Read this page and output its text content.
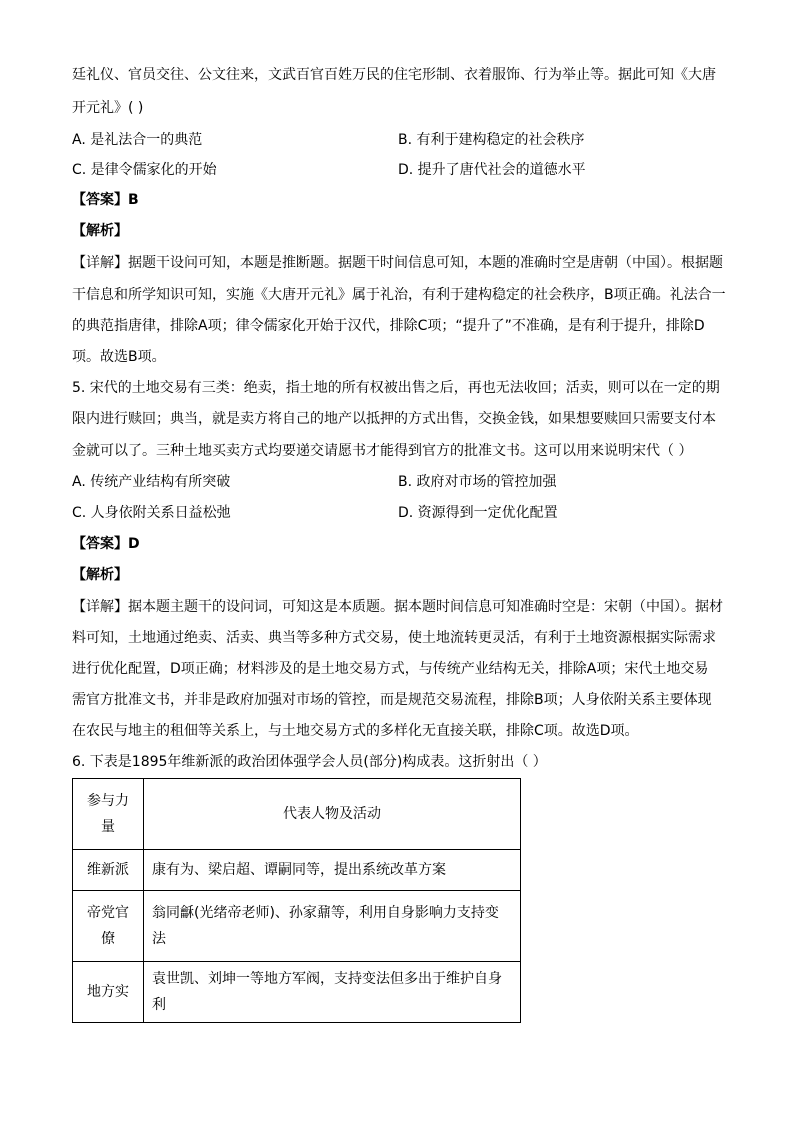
廷礼仪、官员交往、公文往来，文武百官百姓万民的住宅形制、衣着服饰、行为举止等。据此可知《大唐
开元礼》( )
A. 是礼法合一的典范	B. 有利于建构稳定的社会秩序
C. 是律令儒家化的开始	D. 提升了唐代社会的道德水平
【答案】B
【解析】
【详解】据题干设问可知，本题是推断题。据题干时间信息可知，本题的准确时空是唐朝（中国）。根据题
干信息和所学知识可知，实施《大唐开元礼》属于礼治，有利于建构稳定的社会秩序，B项正确。礼法合一
的典范指唐律，排除A项；律令儒家化开始于汉代，排除C项；“提升了”不准确，是有利于提升，排除D
项。故选B项。
5. 宋代的土地交易有三类：绝卖，指土地的所有权被出售之后，再也无法收回；活卖，则可以在一定的期
限内进行赎回；典当，就是卖方将自己的地产以抵押的方式出售，交换金钱，如果想要赎回只需要支付本
金就可以了。三种土地买卖方式均要递交请愿书才能得到官方的批准文书。这可以用来说明宋代（ ）
A. 传统产业结构有所突破	B. 政府对市场的管控加强
C. 人身依附关系日益松弛	D. 资源得到一定优化配置
【答案】D
【解析】
【详解】据本题主题干的设问词，可知这是本质题。据本题时间信息可知准确时空是：宋朝（中国）。据材
料可知，土地通过绝卖、活卖、典当等多种方式交易，使土地流转更灵活，有利于土地资源根据实际需求
进行优化配置，D项正确；材料涉及的是土地交易方式，与传统产业结构无关，排除A项；宋代土地交易
需官方批准文书，并非是政府加强对市场的管控，而是规范交易流程，排除B项；人身依附关系主要体现
在农民与地主的租佃等关系上，与土地交易方式的多样化无直接关联，排除C项。故选D项。
6. 下表是1895年维新派的政治团体强学会人员(部分)构成表。这折射出（ ）
参与力量	代表人物及活动
维新派	康有为、梁启超、谭嗣同等，提出系统改革方案
帝党官僚	翁同龢(光绪帝老师)、孙家鼐等，利用自身影响力支持变法
地方实	袁世凯、刘坤一等地方军阀，支持变法但多出于维护自身利
